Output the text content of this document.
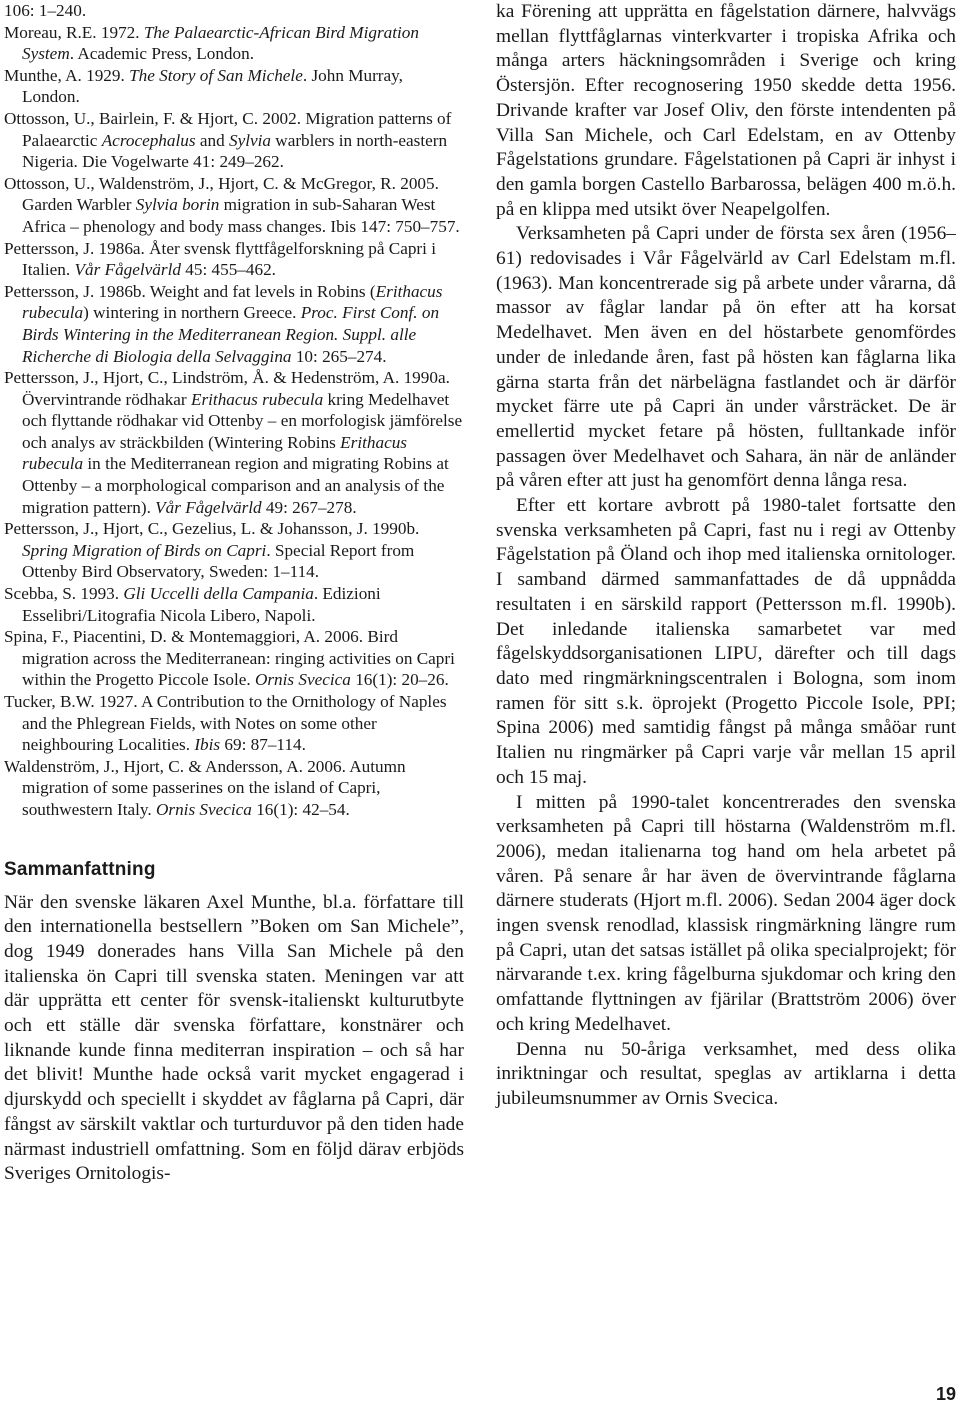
106: 1–240.
Moreau, R.E. 1972. The Palaearctic-African Bird Migration System. Academic Press, London.
Munthe, A. 1929. The Story of San Michele. John Murray, London.
Ottosson, U., Bairlein, F. & Hjort, C. 2002. Migration patterns of Palaearctic Acrocephalus and Sylvia warblers in north-eastern Nigeria. Die Vogelwarte 41: 249–262.
Ottosson, U., Waldenström, J., Hjort, C. & McGregor, R. 2005. Garden Warbler Sylvia borin migration in sub-Saharan West Africa – phenology and body mass changes. Ibis 147: 750–757.
Pettersson, J. 1986a. Åter svensk flyttfågelforskning på Capri i Italien. Vår Fågelvärld 45: 455–462.
Pettersson, J. 1986b. Weight and fat levels in Robins (Erithacus rubecula) wintering in northern Greece. Proc. First Conf. on Birds Wintering in the Mediterranean Region. Suppl. alle Richerche di Biologia della Selvaggina 10: 265–274.
Pettersson, J., Hjort, C., Lindström, Å. & Hedenström, A. 1990a. Övervintrande rödhakar Erithacus rubecula kring Medelhavet och flyttande rödhakar vid Ottenby – en morfologisk jämförelse och analys av sträckbilden (Wintering Robins Erithacus rubecula in the Mediterranean region and migrating Robins at Ottenby – a morphological comparison and an analysis of the migration pattern). Vår Fågelvärld 49: 267–278.
Pettersson, J., Hjort, C., Gezelius, L. & Johansson, J. 1990b. Spring Migration of Birds on Capri. Special Report from Ottenby Bird Observatory, Sweden: 1–114.
Scebba, S. 1993. Gli Uccelli della Campania. Edizioni Esselibri/Litografia Nicola Libero, Napoli.
Spina, F., Piacentini, D. & Montemaggiori, A. 2006. Bird migration across the Mediterranean: ringing activities on Capri within the Progetto Piccole Isole. Ornis Svecica 16(1): 20–26.
Tucker, B.W. 1927. A Contribution to the Ornithology of Naples and the Phlegrean Fields, with Notes on some other neighbouring Localities. Ibis 69: 87–114.
Waldenström, J., Hjort, C. & Andersson, A. 2006. Autumn migration of some passerines on the island of Capri, southwestern Italy. Ornis Svecica 16(1): 42–54.
Sammanfattning

När den svenske läkaren Axel Munthe, bl.a. författare till den internationella bestsellern ”Boken om San Michele”, dog 1949 donerades hans Villa San Michele på den italienska ön Capri till svenska staten. Meningen var att där upprätta ett center för svensk-italienskt kulturutbyte och ett ställe där svenska författare, konstnärer och liknande kunde finna mediterran inspiration – och så har det blivit! Munthe hade också varit mycket engagerad i djurskydd och speciellt i skyddet av fåglarna på Capri, där fångst av särskilt vaktlar och turturduvor på den tiden hade närmast industriell omfattning. Som en följd därav erbjöds Sveriges Ornitologis-

ka Förening att upprätta en fågelstation därnere, halvvägs mellan flyttfåglarnas vinterkvarter i tropiska Afrika och många arters häckningsområden i Sverige och kring Östersjön. Efter recognosering 1950 skedde detta 1956. Drivande krafter var Josef Oliv, den förste intendenten på Villa San Michele, och Carl Edelstam, en av Ottenby Fågelstations grundare. Fågelstationen på Capri är inhyst i den gamla borgen Castello Barbarossa, belägen 400 m.ö.h. på en klippa med utsikt över Neapelgolfen.

Verksamheten på Capri under de första sex åren (1956–61) redovisades i Vår Fågelvärld av Carl Edelstam m.fl. (1963). Man koncentrerade sig på arbete under vårarna, då massor av fåglar landar på ön efter att ha korsat Medelhavet. Men även en del höstarbete genomfördes under de inledande åren, fast på hösten kan fåglarna lika gärna starta från det närbelägna fastlandet och är därför mycket färre ute på Capri än under vårsträcket. De är emellertid mycket fetare på hösten, fulltankade inför passagen över Medelhavet och Sahara, än när de anländer på våren efter att just ha genomfört denna långa resa.

Efter ett kortare avbrott på 1980-talet fortsatte den svenska verksamheten på Capri, fast nu i regi av Ottenby Fågelstation på Öland och ihop med italienska ornitologer. I samband därmed sammanfattades de då uppnådda resultaten i en särskild rapport (Pettersson m.fl. 1990b). Det inledande italienska samarbetet var med fågelskyddsorganisationen LIPU, därefter och till dags dato med ringmärkningscentralen i Bologna, som inom ramen för sitt s.k. öprojekt (Progetto Piccole Isole, PPI; Spina 2006) med samtidig fångst på många småöar runt Italien nu ringmärker på Capri varje vår mellan 15 april och 15 maj.

I mitten på 1990-talet koncentrerades den svenska verksamheten på Capri till höstarna (Waldenström m.fl. 2006), medan italienarna tog hand om hela arbetet på våren. På senare år har även de övervintrande fåglarna därnere studerats (Hjort m.fl. 2006). Sedan 2004 äger dock ingen svensk renodlad, klassisk ringmärkning längre rum på Capri, utan det satsas istället på olika specialprojekt; för närvarande t.ex. kring fågelburna sjukdomar och kring den omfattande flyttningen av fjärilar (Brattström 2006) över och kring Medelhavet.

Denna nu 50-åriga verksamhet, med dess olika inriktningar och resultat, speglas av artiklarna i detta jubileumsnummer av Ornis Svecica.

19
